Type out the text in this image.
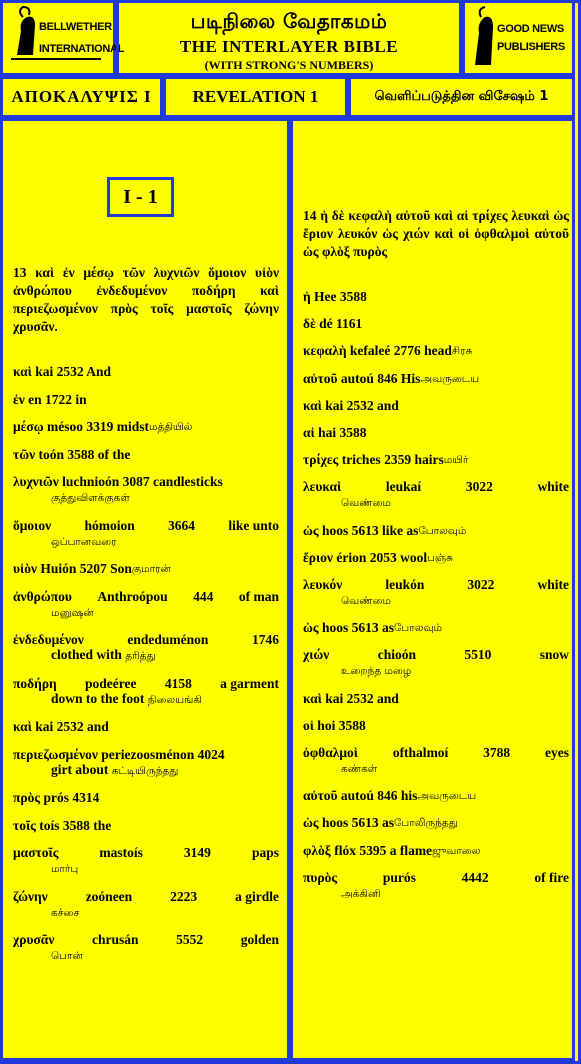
BELLWETHER
INTERNATIONAL
படிநிலை வேதாகமம்
THE INTERLAYER BIBLE
(WITH STRONG'S NUMBERS)
GOOD NEWS
PUBLISHERS
ΑΠΟΚΑΛΥΨΙΣ Ι	REVELATION 1	வெளிப்படுத்தின விசேஷம் 1
I - 1
13 καὶ ἐν μέσῳ τῶν λυχνιῶν ὅμοιον υἱὸν ἀνθρώπου ἐνδεδυμένον ποδήρη καὶ περιεζωσμένον πρὸς τοῖς μαστοῖς ζώνην χρυσᾶν.
καὶ kai 2532 And
ἐν en 1722 in
μέσῳ mésoo 3319 midst மத்தியில்
τῶν toón 3588 of the
λυχνιῶν luchnioón 3087 candlesticks
குத்துவிளக்குகள்
ὅμοιον hómoion 3664 like unto
ஒப்பானவரை
υἱὸν Huión 5207 Son குமாரன்
ἀνθρώπου Anthroópou 444 of man
மனுஷன்
ἐνδεδυμένον	endeduménon	1746
clothed with தரித்து
ποδήρη podeéree 4158 a garment
down to the foot நிலையங்கி
καὶ kai 2532 and
περιεζωσμένον periezoosménon 4024
girt about கட்டியிருந்தது
πρὸς prós 4314
τοῖς toís 3588 the
μαστοῖς	mastoís	3149	paps
மார்பு
ζώνην	zoóneen	2223	a girdle
கச்சை
χρυσᾶν	chrusán	5552	golden
பொன்
14 ἡ δὲ κεφαλὴ αὐτοῦ καὶ αἱ τρίχες λευκαὶ ὡς ἔριον λευκόν ὡς χιών καὶ οἱ ὀφθαλμοὶ αὐτοῦ ὡς φλὸξ πυρὸς
ἡ Hee 3588
δὲ dé 1161
κεφαλὴ kefaleé 2776 head சிரசு
αὐτοῦ autoú 846 His அவருடைய
καὶ kai 2532 and
αἱ hai 3588
τρίχες triches 2359 hairs மயிர்
λευκαὶ	leukaí	3022	white
வெண்மை
ὡς hoos 5613 like as போலவும்
ἔριον érion 2053 wool பஞ்சு
λευκόν	leukón	3022	white
வெண்மை
ὡς hoos 5613 as போலவும்
χιών	chioón	5510	snow
உறைந்த மழை
καὶ kai 2532 and
οἱ hoi 3588
ὀφθαλμοὶ	ofthalmoí	3788	eyes
கண்கள்
αὐτοῦ autoú 846 his அவருடைய
ὡς hoos 5613 as போலிருந்தது
φλὸξ flóx 5395 a flame ஜுவாலை
πυρὸς	purós	4442	of fire
அக்கினி
